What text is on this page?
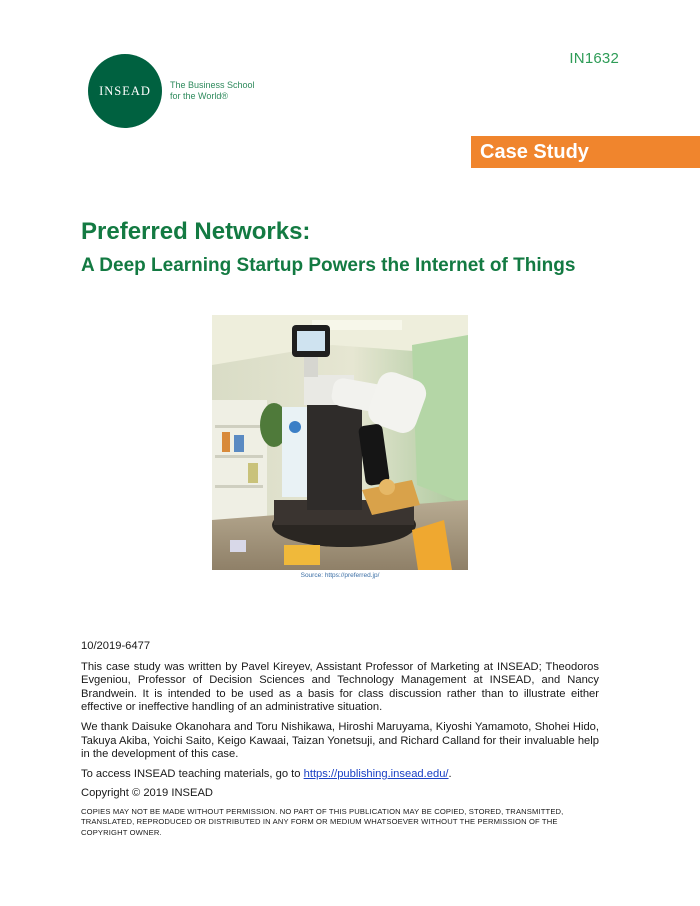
IN1632
INSEAD The Business School
for the World®
Case Study
Preferred Networks:
A Deep Learning Startup Powers the Internet of Things
Source: https://preferred.jp/

10/2019-6477

This case study was written by Pavel Kireyev, Assistant Professor of Marketing at INSEAD; Theodoros Evgeniou, Professor of Decision Sciences and Technology Management at INSEAD, and Nancy Brandwein. It is intended to be used as a basis for class discussion rather than to illustrate either effective or ineffective handling of an administrative situation.

We thank Daisuke Okanohara and Toru Nishikawa, Hiroshi Maruyama, Kiyoshi Yamamoto, Shohei Hido, Takuya Akiba, Yoichi Saito, Keigo Kawaai, Taizan Yonetsuji, and Richard Calland for their invaluable help in the development of this case.

To access INSEAD teaching materials, go to https://publishing.insead.edu/.

Copyright © 2019 INSEAD

COPIES MAY NOT BE MADE WITHOUT PERMISSION. NO PART OF THIS PUBLICATION MAY BE COPIED, STORED, TRANSMITTED, TRANSLATED, REPRODUCED OR DISTRIBUTED IN ANY FORM OR MEDIUM WHATSOEVER WITHOUT THE PERMISSION OF THE COPYRIGHT OWNER.
